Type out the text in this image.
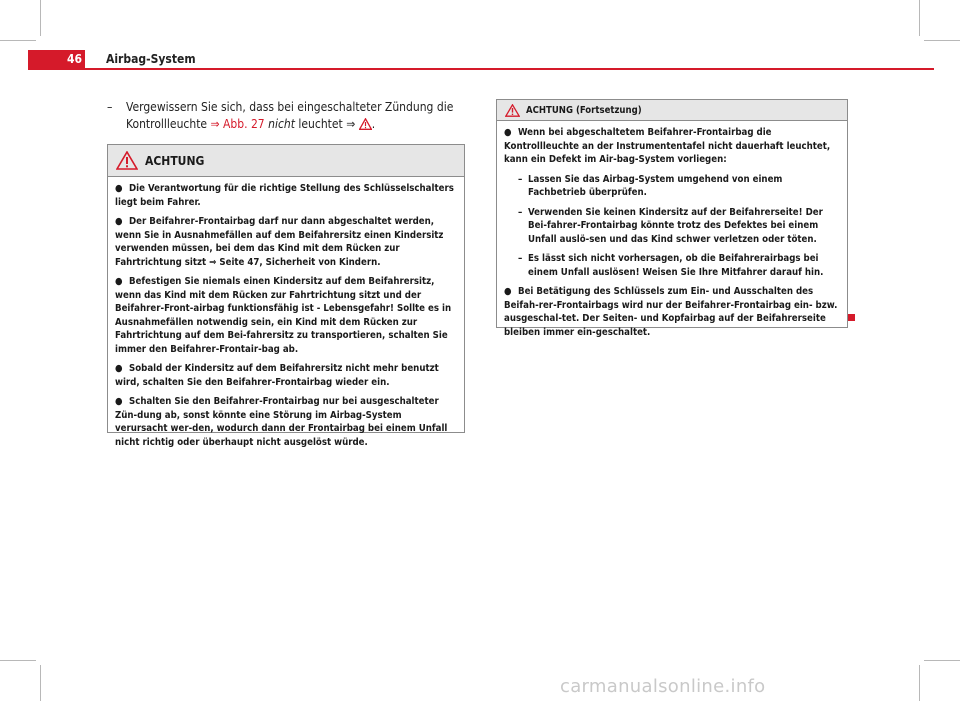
46 Airbag-System
– Vergewissern Sie sich, dass bei eingeschalteter Zündung die Kontrollleuchte ⇒ Abb. 27 nicht leuchtet ⇒ .
ACHTUNG
● Die Verantwortung für die richtige Stellung des Schlüsselschalters liegt beim Fahrer.
● Der Beifahrer-Frontairbag darf nur dann abgeschaltet werden, wenn Sie in Ausnahmefällen auf dem Beifahrersitz einen Kindersitz verwenden müssen, bei dem das Kind mit dem Rücken zur Fahrtrichtung sitzt ⇒ Seite 47, Sicherheit von Kindern.
● Befestigen Sie niemals einen Kindersitz auf dem Beifahrersitz, wenn das Kind mit dem Rücken zur Fahrtrichtung sitzt und der Beifahrer-Front-airbag funktionsfähig ist - Lebensgefahr! Sollte es in Ausnahmefällen notwendig sein, ein Kind mit dem Rücken zur Fahrtrichtung auf dem Bei-fahrersitz zu transportieren, schalten Sie immer den Beifahrer-Frontair-bag ab.
● Sobald der Kindersitz auf dem Beifahrersitz nicht mehr benutzt wird, schalten Sie den Beifahrer-Frontairbag wieder ein.
● Schalten Sie den Beifahrer-Frontairbag nur bei ausgeschalteter Zün-dung ab, sonst könnte eine Störung im Airbag-System verursacht wer-den, wodurch dann der Frontairbag bei einem Unfall nicht richtig oder überhaupt nicht ausgelöst würde.
ACHTUNG (Fortsetzung)
● Wenn bei abgeschaltetem Beifahrer-Frontairbag die Kontrollleuchte an der Instrumententafel nicht dauerhaft leuchtet, kann ein Defekt im Air-bag-System vorliegen:
– Lassen Sie das Airbag-System umgehend von einem Fachbetrieb überprüfen.
– Verwenden Sie keinen Kindersitz auf der Beifahrerseite! Der Bei-fahrer-Frontairbag könnte trotz des Defektes bei einem Unfall auslö-sen und das Kind schwer verletzen oder töten.
– Es lässt sich nicht vorhersagen, ob die Beifahrerairbags bei einem Unfall auslösen! Weisen Sie Ihre Mitfahrer darauf hin.
● Bei Betätigung des Schlüssels zum Ein- und Ausschalten des Beifah-rer-Frontairbags wird nur der Beifahrer-Frontairbag ein- bzw. ausgeschal-tet. Der Seiten- und Kopfairbag auf der Beifahrerseite bleiben immer ein-geschaltet.
carmanualsonline.info
